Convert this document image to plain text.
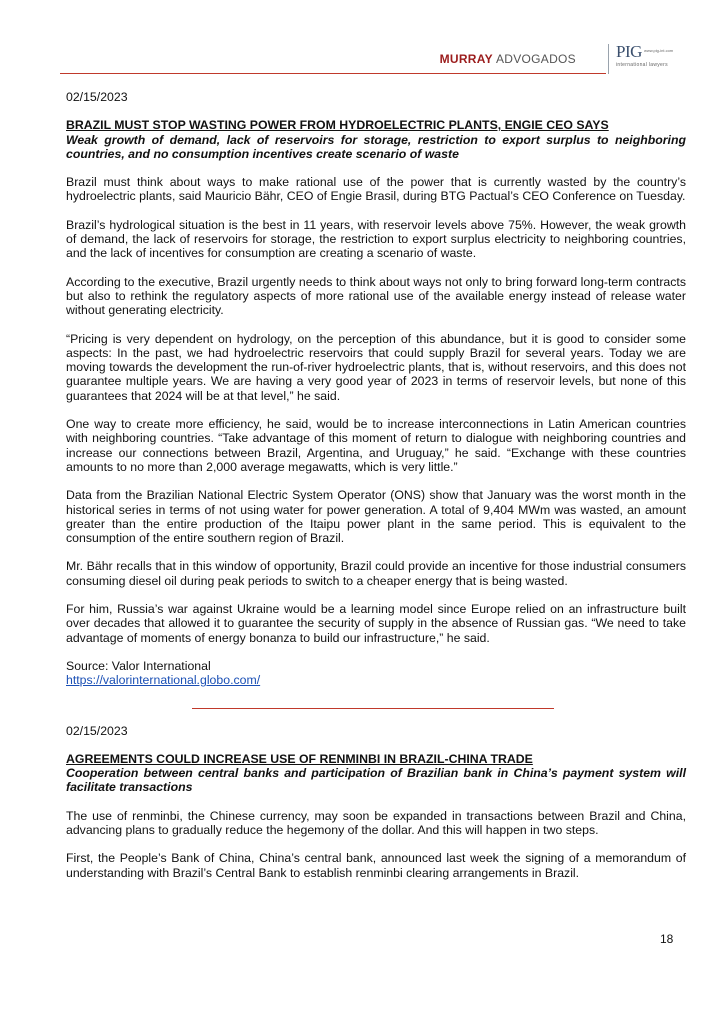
MURRAY ADVOGADOS PIG www.pig-int.com
international lawyers

02/15/2023

BRAZIL MUST STOP WASTING POWER FROM HYDROELECTRIC PLANTS, ENGIE CEO SAYS

Weak growth of demand, lack of reservoirs for storage, restriction to export surplus to neighboring countries, and no consumption incentives create scenario of waste

Brazil must think about ways to make rational use of the power that is currently wasted by the country’s hydroelectric plants, said Mauricio Bähr, CEO of Engie Brasil, during BTG Pactual’s CEO Conference on Tuesday.

Brazil’s hydrological situation is the best in 11 years, with reservoir levels above 75%. However, the weak growth of demand, the lack of reservoirs for storage, the restriction to export surplus electricity to neighboring countries, and the lack of incentives for consumption are creating a scenario of waste.

According to the executive, Brazil urgently needs to think about ways not only to bring forward long-term contracts but also to rethink the regulatory aspects of more rational use of the available energy instead of release water without generating electricity.

“Pricing is very dependent on hydrology, on the perception of this abundance, but it is good to consider some aspects: In the past, we had hydroelectric reservoirs that could supply Brazil for several years. Today we are moving towards the development the run-of-river hydroelectric plants, that is, without reservoirs, and this does not guarantee multiple years. We are having a very good year of 2023 in terms of reservoir levels, but none of this guarantees that 2024 will be at that level,” he said.

One way to create more efficiency, he said, would be to increase interconnections in Latin American countries with neighboring countries. “Take advantage of this moment of return to dialogue with neighboring countries and increase our connections between Brazil, Argentina, and Uruguay,” he said. “Exchange with these countries amounts to no more than 2,000 average megawatts, which is very little.”

Data from the Brazilian National Electric System Operator (ONS) show that January was the worst month in the historical series in terms of not using water for power generation. A total of 9,404 MWm was wasted, an amount greater than the entire production of the Itaipu power plant in the same period. This is equivalent to the consumption of the entire southern region of Brazil.

Mr. Bähr recalls that in this window of opportunity, Brazil could provide an incentive for those industrial consumers consuming diesel oil during peak periods to switch to a cheaper energy that is being wasted.

For him, Russia’s war against Ukraine would be a learning model since Europe relied on an infrastructure built over decades that allowed it to guarantee the security of supply in the absence of Russian gas. “We need to take advantage of moments of energy bonanza to build our infrastructure,” he said.

Source: Valor International

https://valorinternational.globo.com/

02/15/2023

AGREEMENTS COULD INCREASE USE OF RENMINBI IN BRAZIL-CHINA TRADE

Cooperation between central banks and participation of Brazilian bank in China’s payment system will facilitate transactions

The use of renminbi, the Chinese currency, may soon be expanded in transactions between Brazil and China, advancing plans to gradually reduce the hegemony of the dollar. And this will happen in two steps.

First, the People’s Bank of China, China’s central bank, announced last week the signing of a memorandum of understanding with Brazil’s Central Bank to establish renminbi clearing arrangements in Brazil.

18
